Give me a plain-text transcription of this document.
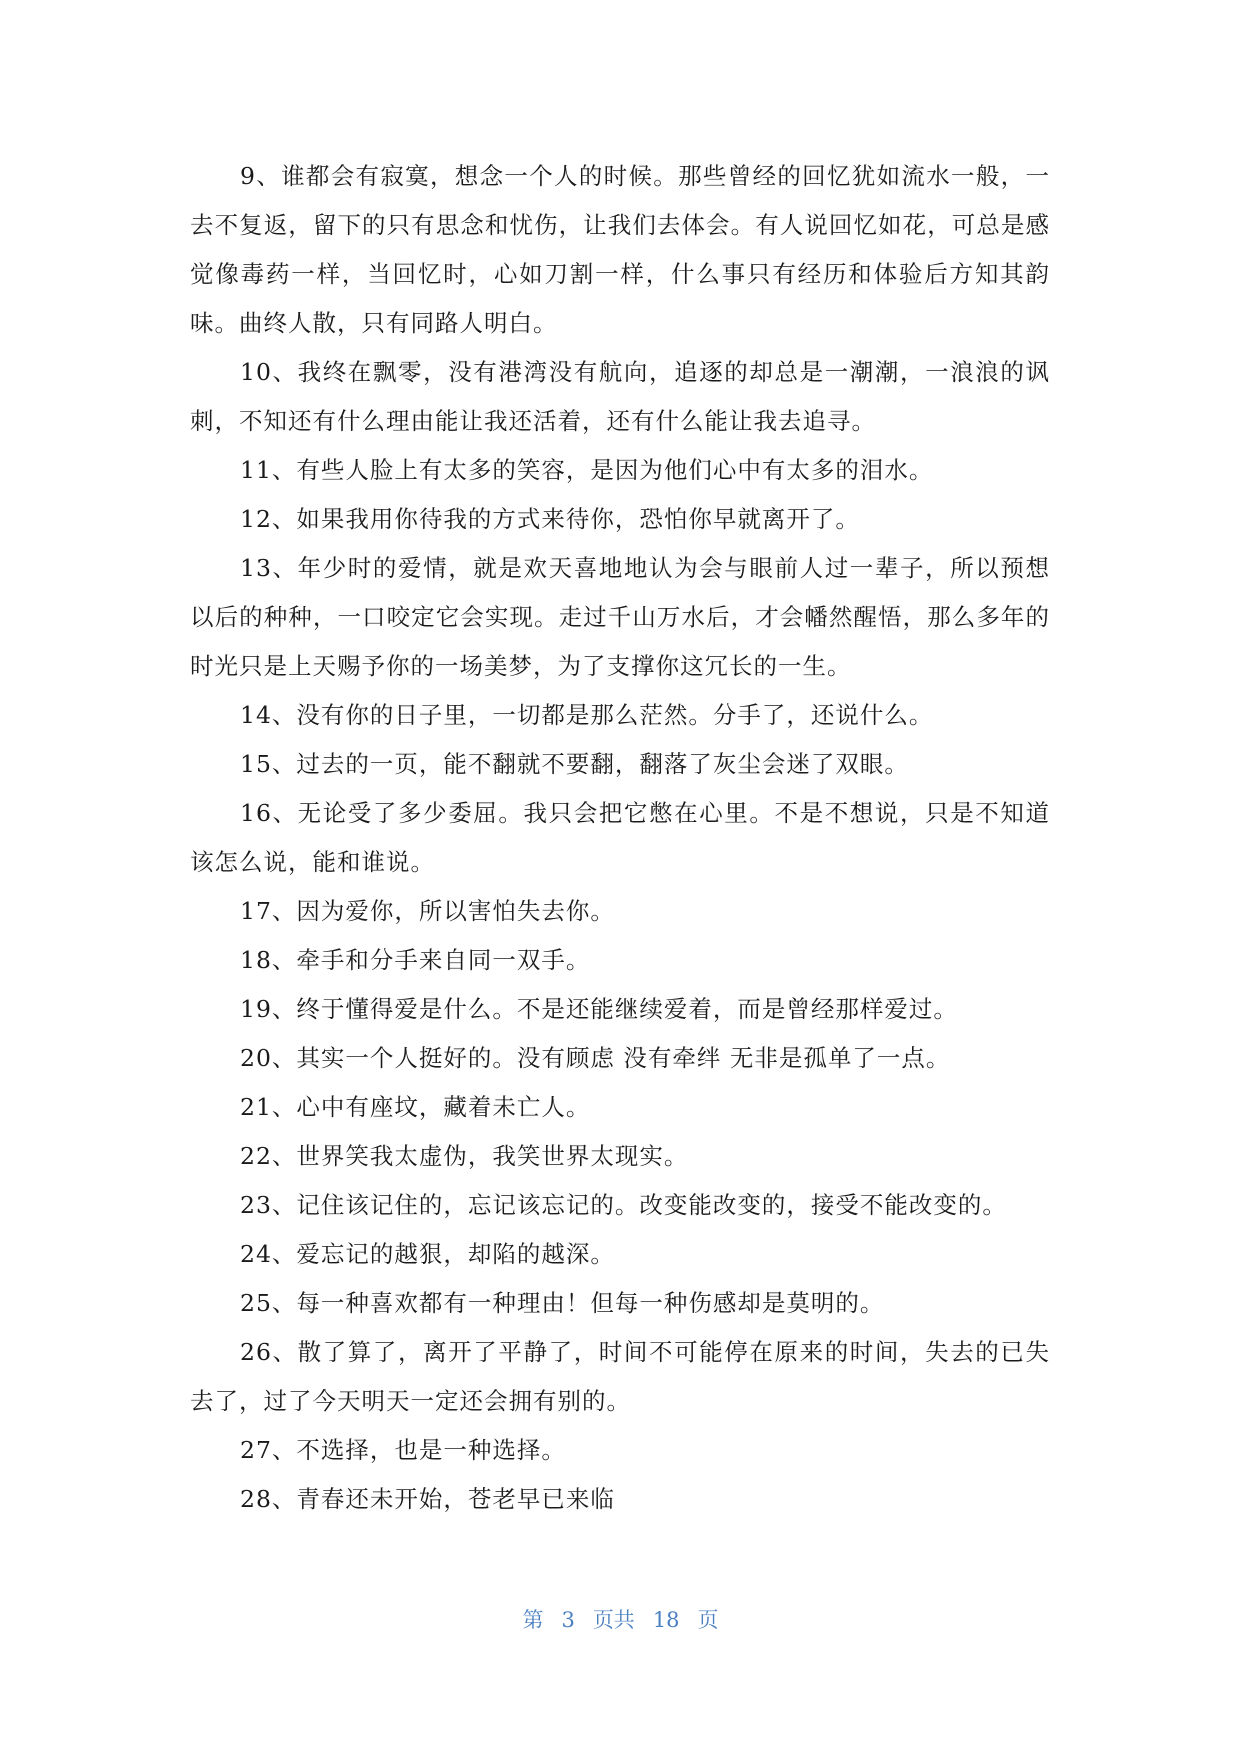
9、谁都会有寂寞，想念一个人的时候。那些曾经的回忆犹如流水一般，一去不复返，留下的只有思念和忧伤，让我们去体会。有人说回忆如花，可总是感觉像毒药一样，当回忆时，心如刀割一样，什么事只有经历和体验后方知其韵味。曲终人散，只有同路人明白。

10、我终在飘零，没有港湾没有航向，追逐的却总是一潮潮，一浪浪的讽刺，不知还有什么理由能让我还活着，还有什么能让我去追寻。

11、有些人脸上有太多的笑容，是因为他们心中有太多的泪水。

12、如果我用你待我的方式来待你，恐怕你早就离开了。

13、年少时的爱情，就是欢天喜地地认为会与眼前人过一辈子，所以预想以后的种种，一口咬定它会实现。走过千山万水后，才会幡然醒悟，那么多年的时光只是上天赐予你的一场美梦，为了支撑你这冗长的一生。

14、没有你的日子里，一切都是那么茫然。分手了，还说什么。

15、过去的一页，能不翻就不要翻，翻落了灰尘会迷了双眼。

16、无论受了多少委屈。我只会把它憋在心里。不是不想说，只是不知道该怎么说，能和谁说。

17、因为爱你，所以害怕失去你。

18、牵手和分手来自同一双手。

19、终于懂得爱是什么。不是还能继续爱着，而是曾经那样爱过。

20、其实一个人挺好的。没有顾虑 没有牵绊 无非是孤单了一点。

21、心中有座坟，藏着未亡人。

22、世界笑我太虚伪，我笑世界太现实。

23、记住该记住的，忘记该忘记的。改变能改变的，接受不能改变的。

24、爱忘记的越狠，却陷的越深。

25、每一种喜欢都有一种理由！但每一种伤感却是莫明的。

26、散了算了，离开了平静了，时间不可能停在原来的时间，失去的已失去了，过了今天明天一定还会拥有别的。

27、不选择，也是一种选择。

28、青春还未开始，苍老早已来临

第 3 页共 18 页
